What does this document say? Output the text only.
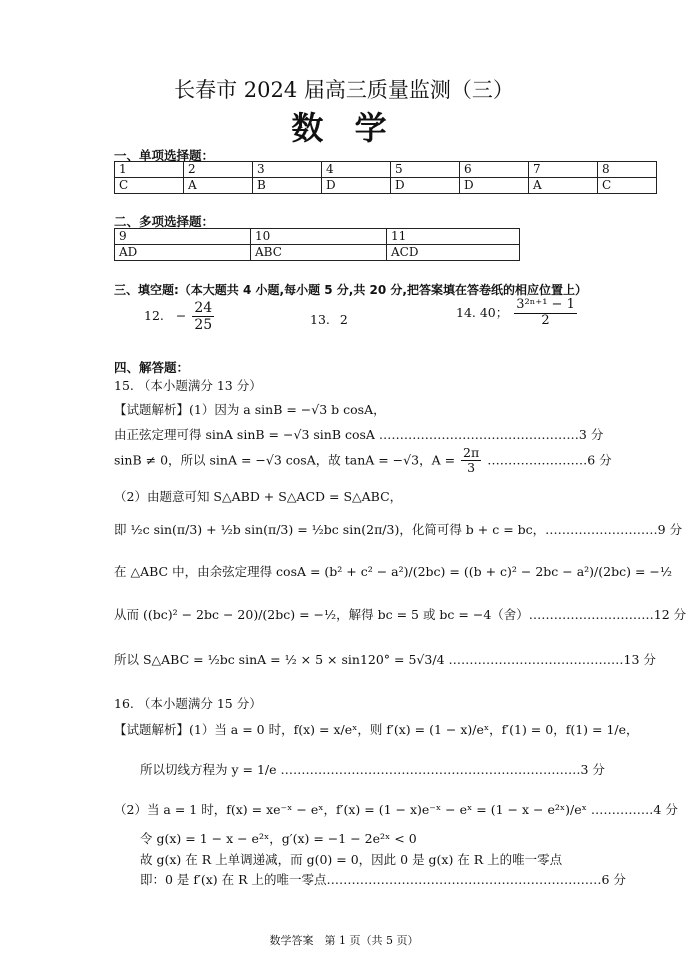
长春市 2024 届高三质量监测（三）
数 学
一、单项选择题：
1	2	3	4	5	6	7	8
C	A	B	D	D	D	A	C
二、多项选择题：
9	10	11
AD	ABC	ACD
三、填空题:（本大题共 4 小题,每小题 5 分,共 20 分,把答案填在答卷纸的相应位置上）
12. − $\frac{24}{25}$	13. 2	14. 40； $\frac{\text{3²ⁿ⁺¹ − 1}}{2}$
四、解答题：
15. （本小题满分 13 分）
【试题解析】(1）因为 a sinB = −√3 b cosA，
由正弦定理可得 sinA sinB = −√3 sinB cosA …………………………………………3 分
sinB ≠ 0，所以 sinA = −√3 cosA，故 tanA = −√3，$A = \frac{2\pi}{3}$ ……………………6 分
（2）由题意可知 S△ABD + S△ACD = S△ABC，
即 ½c sin(π/3) + ½b sin(π/3) = ½bc sin(2π/3)，化简可得 b + c = bc，………………………9 分
在 △ABC 中，由余弦定理得 cosA = (b² + c² − a²)/(2bc) = ((b + c)² − 2bc − a²)/(2bc) = −½
从而 ((bc)² − 2bc − 20)/(2bc) = −½，解得 bc = 5 或 bc = −4（舍）…………………………12 分
所以 S△ABC = ½bc sinA = ½ × 5 × sin120° = 5√3/4 ……………………………………13 分
16. （本小题满分 15 分）
【试题解析】(1）当 a = 0 时，f(x) = x/eˣ，则 f′(x) = (1 − x)/eˣ，f′(1) = 0，f(1) = 1/e，
所以切线方程为 y = 1/e ………………………………………………………………3 分
（2）当 a = 1 时，f(x) = xe⁻ˣ − eˣ，f′(x) = (1 − x)e⁻ˣ − eˣ = (1 − x − e²ˣ)/eˣ ……………4 分
令 g(x) = 1 − x − e²ˣ，g′(x) = −1 − 2e²ˣ < 0
故 g(x) 在 R 上单调递减，而 g(0) = 0，因此 0 是 g(x) 在 R 上的唯一零点
即：0 是 f′(x) 在 R 上的唯一零点…………………………………………………………6 分
数学答案　第 1 页（共 5 页）
